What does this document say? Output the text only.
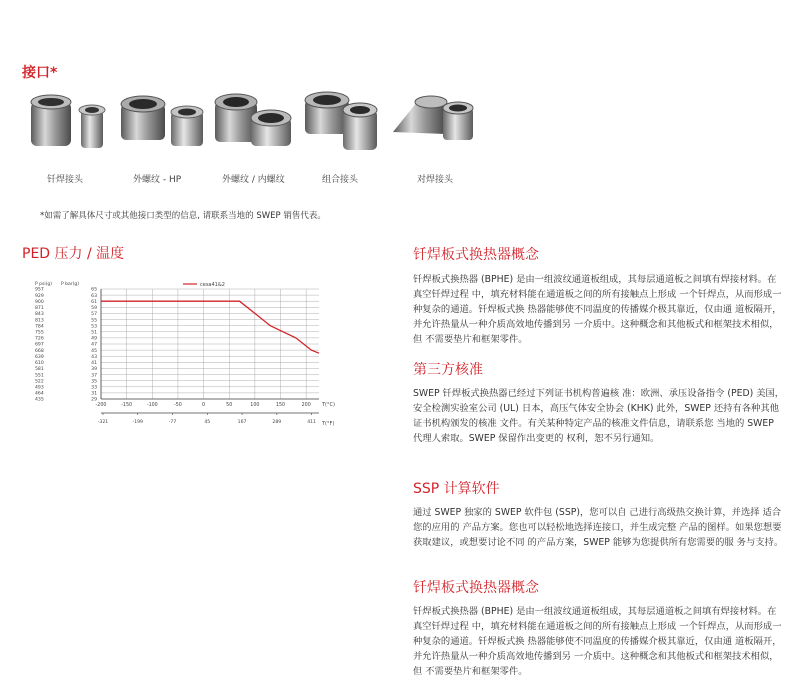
接口*
钎焊接头	外螺纹 - HP	外螺纹 / 内螺纹	组合接头	对焊接头
*如需了解具体尺寸或其他接口类型的信息, 请联系当地的 SWEP 销售代表。
PED 压力 / 温度
P psi(g) P bar(g)	cesa41&2
65
957
63
929
61
900
59
871
57
843
55
813
53
784
51
755
49
726
47
697
45
668
43
639
41
610
39
581
37
551
35
522
33
493
31
464
29
435
-200	-150	-100	-50	0	50	100	150	200 T(°C)
-321	-199	-77	45	167	289	411 T(°F)
钎焊板式换热器概念

钎焊板式换热器 (BPHE) 是由一组波纹通道板组成，其每层通道板之间填有焊接材料。在真空钎焊过程 中，填充材料能在通道板之间的所有接触点上形成 一个钎焊点，从而形成一种复杂的通道。钎焊板式换 热器能够使不同温度的传播媒介极其靠近，仅由通 道板隔开，并允许热量从一种介质高效地传播到另 一介质中。这种概念和其他板式和框架技术相似，但 不需要垫片和框架零件。

第三方核准

SWEP 钎焊板式换热器已经过下列证书机构普遍核 准：欧洲、承压设备指令 (PED) 美国，安全检测实验室公司 (UL) 日本，高压气体安全协会 (KHK) 此外，SWEP 还持有各种其他证书机构颁发的核准 文件。有关某种特定产品的核准文件信息，请联系您 当地的 SWEP 代理人索取。SWEP 保留作出变更的 权利，恕不另行通知。

SSP 计算软件

通过 SWEP 独家的 SWEP 软件包 (SSP)，您可以自 己进行高级热交换计算，并选择 适合您的应用的 产品方案。您也可以轻松地选择连接口，并生成完整 产品的图样。如果您想要获取建议，或想要讨论不同 的产品方案，SWEP 能够为您提供所有您需要的服 务与支持。

钎焊板式换热器概念

钎焊板式换热器 (BPHE) 是由一组波纹通道板组成，其每层通道板之间填有焊接材料。在真空钎焊过程 中，填充材料能在通道板之间的所有接触点上形成 一个钎焊点，从而形成一种复杂的通道。钎焊板式换 热器能够使不同温度的传播媒介极其靠近，仅由通 道板隔开，并允许热量从一种介质高效地传播到另 一介质中。这种概念和其他板式和框架技术相似，但 不需要垫片和框架零件。
